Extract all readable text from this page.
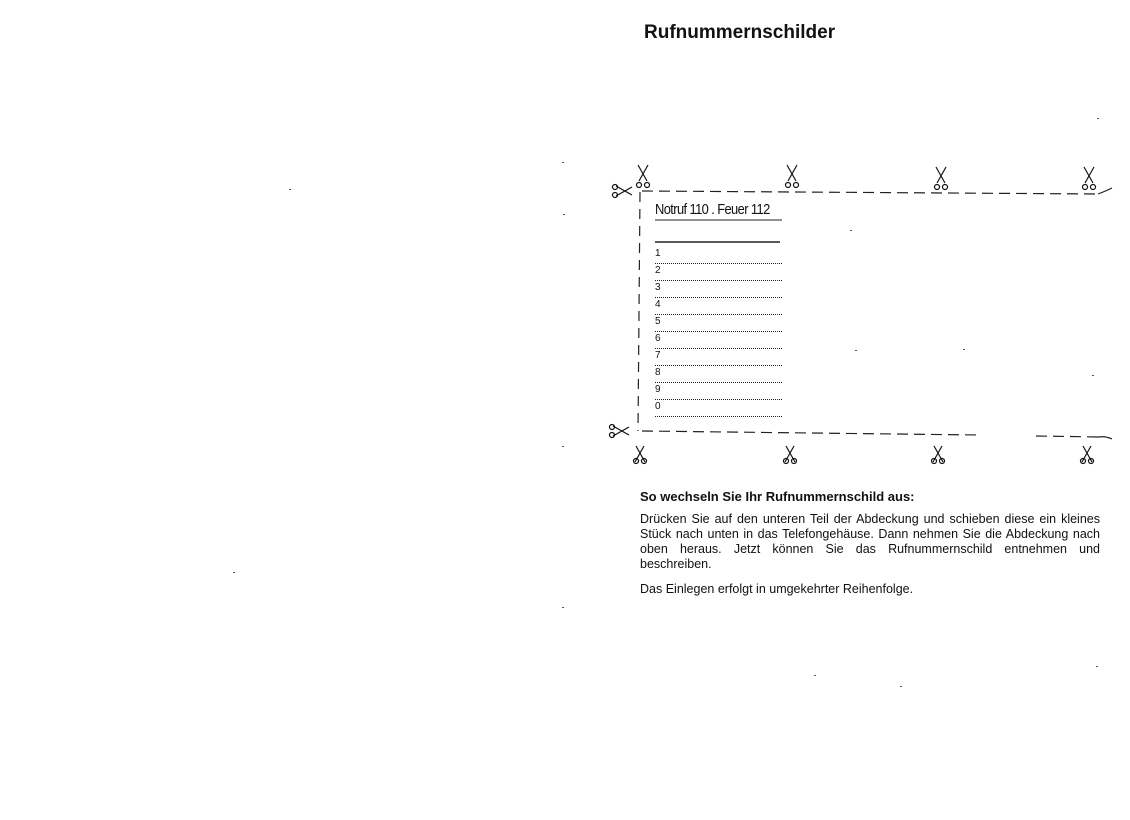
Rufnummernschilder
Notruf 110 . Feuer 112
1
2
3
4
5
6
7
8
9
0
So wechseln Sie Ihr Rufnummernschild aus:
Drücken Sie auf den unteren Teil der Abdeckung und schieben diese ein kleines Stück nach unten in das Telefongehäuse. Dann nehmen Sie die Abdeckung nach oben heraus. Jetzt können Sie das Rufnummernschild entnehmen und beschreiben.
Das Einlegen erfolgt in umgekehrter Reihenfolge.
